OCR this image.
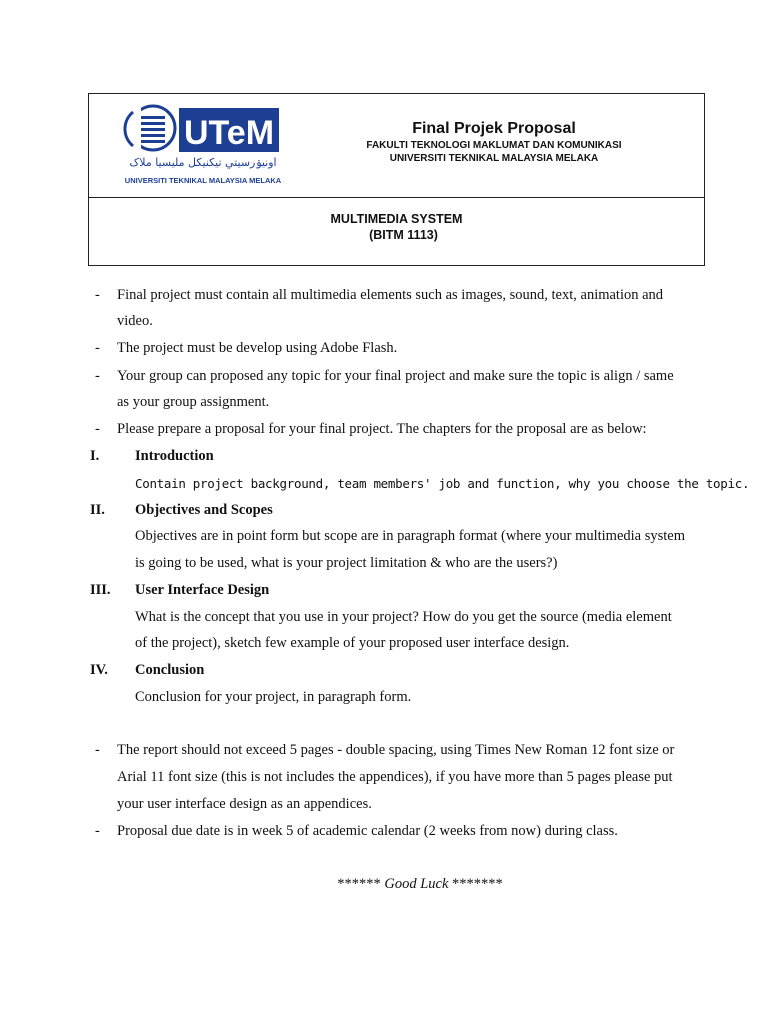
UTeM
اونيۏرسيتي تيکنيکل مليسيا ملاک
UNIVERSITI TEKNIKAL MALAYSIA MELAKA
Final Projek Proposal
FAKULTI TEKNOLOGI MAKLUMAT DAN KOMUNIKASI
UNIVERSITI TEKNIKAL MALAYSIA MELAKA
MULTIMEDIA SYSTEM
(BITM 1113)
- Final project must contain all multimedia elements such as images, sound, text, animation and
video.
- The project must be develop using Adobe Flash.
- Your group can proposed any topic for your final project and make sure the topic is align / same
as your group assignment.
- Please prepare a proposal for your final project. The chapters for the proposal are as below:
I. Introduction
Contain project background, team members' job and function, why you choose the topic.
II. Objectives and Scopes
Objectives are in point form but scope are in paragraph format (where your multimedia system
is going to be used, what is your project limitation & who are the users?)
III. User Interface Design
What is the concept that you use in your project? How do you get the source (media element
of the project), sketch few example of your proposed user interface design.
IV. Conclusion
Conclusion for your project, in paragraph form.
- The report should not exceed 5 pages - double spacing, using Times New Roman 12 font size or
Arial 11 font size (this is not includes the appendices), if you have more than 5 pages please put
your user interface design as an appendices.
- Proposal due date is in week 5 of academic calendar (2 weeks from now) during class.
****** Good Luck *******
